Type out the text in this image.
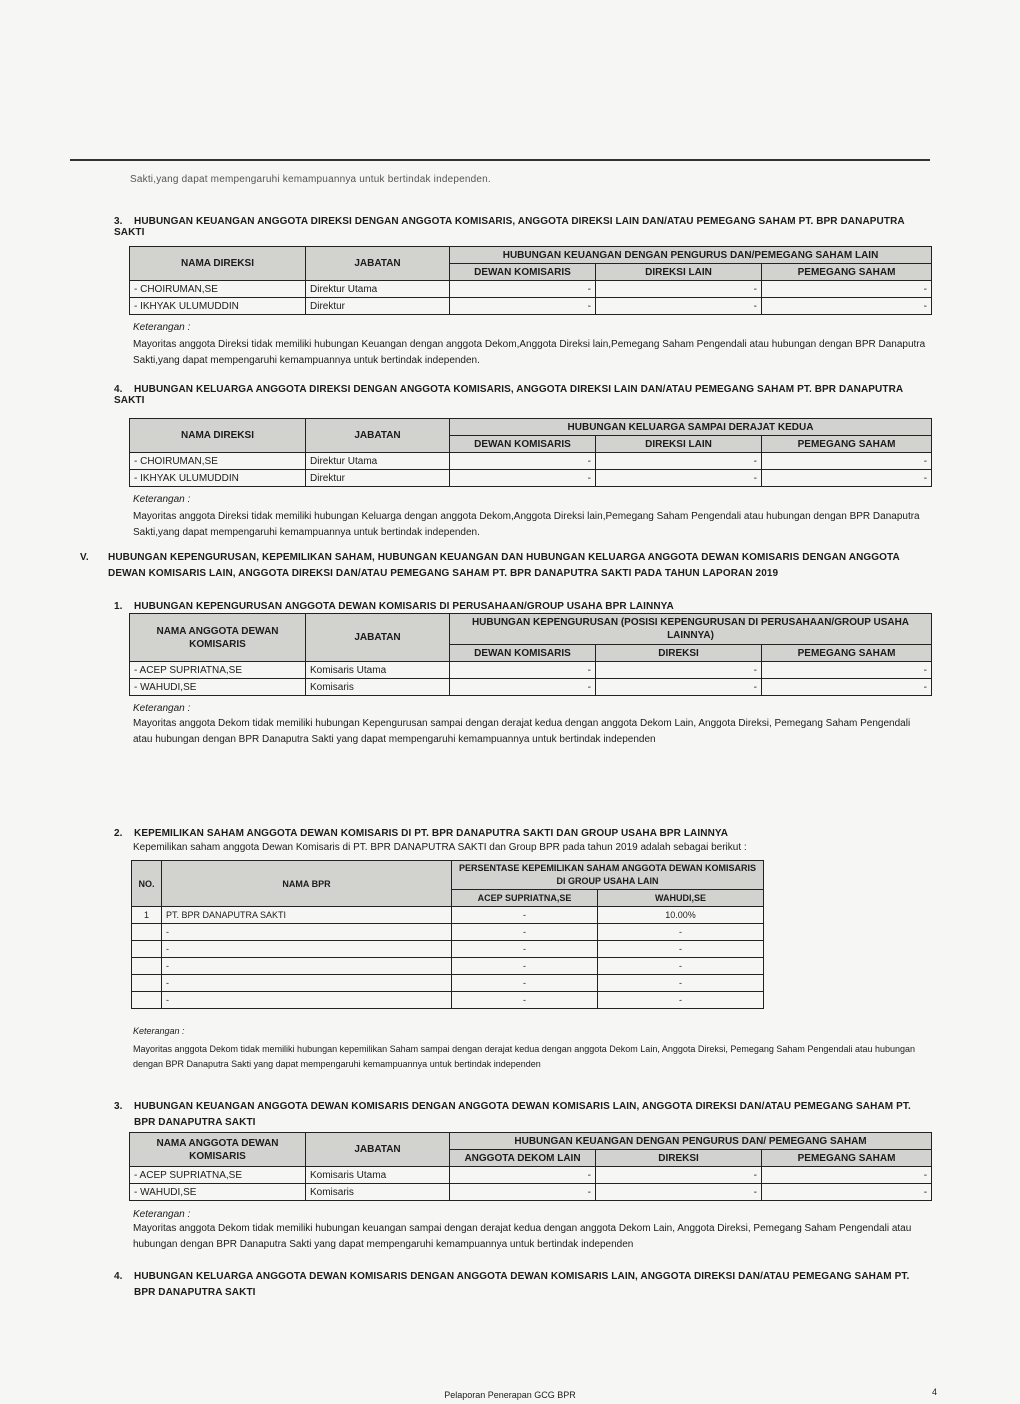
Sakti,yang dapat mempengaruhi kemampuannya untuk bertindak independen.
3. HUBUNGAN KEUANGAN ANGGOTA DIREKSI DENGAN ANGGOTA KOMISARIS, ANGGOTA DIREKSI LAIN DAN/ATAU PEMEGANG SAHAM PT. BPR DANAPUTRA SAKTI
NAMA DIREKSI	JABATAN	HUBUNGAN KEUANGAN DENGAN PENGURUS DAN/PEMEGANG SAHAM LAIN		
		DEWAN KOMISARIS	DIREKSI LAIN	PEMEGANG SAHAM
- CHOIRUMAN,SE	Direktur Utama	-	-	-
- IKHYAK ULUMUDDIN	Direktur	-	-	-
Keterangan :
Mayoritas anggota Direksi tidak memiliki hubungan Keuangan dengan anggota Dekom,Anggota Direksi lain,Pemegang Saham Pengendali atau hubungan dengan BPR Danaputra Sakti,yang dapat mempengaruhi kemampuannya untuk bertindak independen.
4. HUBUNGAN KELUARGA ANGGOTA DIREKSI DENGAN ANGGOTA KOMISARIS, ANGGOTA DIREKSI LAIN DAN/ATAU PEMEGANG SAHAM PT. BPR DANAPUTRA SAKTI
NAMA DIREKSI	JABATAN	HUBUNGAN KELUARGA SAMPAI DERAJAT KEDUA		
		DEWAN KOMISARIS	DIREKSI LAIN	PEMEGANG SAHAM
- CHOIRUMAN,SE	Direktur Utama	-	-	-
- IKHYAK ULUMUDDIN	Direktur	-	-	-
Keterangan :
Mayoritas anggota Direksi tidak memiliki hubungan Keluarga dengan anggota Dekom,Anggota Direksi lain,Pemegang Saham Pengendali atau hubungan dengan BPR Danaputra Sakti,yang dapat mempengaruhi kemampuannya untuk bertindak independen.
V. HUBUNGAN KEPENGURUSAN, KEPEMILIKAN SAHAM, HUBUNGAN KEUANGAN DAN HUBUNGAN KELUARGA ANGGOTA DEWAN KOMISARIS DENGAN ANGGOTA DEWAN KOMISARIS LAIN, ANGGOTA DIREKSI DAN/ATAU PEMEGANG SAHAM PT. BPR DANAPUTRA SAKTI PADA TAHUN LAPORAN 2019
1. HUBUNGAN KEPENGURUSAN ANGGOTA DEWAN KOMISARIS DI PERUSAHAAN/GROUP USAHA BPR LAINNYA
NAMA ANGGOTA DEWAN KOMISARIS	JABATAN	HUBUNGAN KEPENGURUSAN (POSISI KEPENGURUSAN DI PERUSAHAAN/GROUP USAHA LAINNYA)		
		DEWAN KOMISARIS	DIREKSI	PEMEGANG SAHAM
- ACEP SUPRIATNA,SE	Komisaris Utama	-	-	-
- WAHUDI,SE	Komisaris	-	-	-
Keterangan :
Mayoritas anggota Dekom tidak memiliki hubungan Kepengurusan sampai dengan derajat kedua dengan anggota Dekom Lain, Anggota Direksi, Pemegang Saham Pengendali atau hubungan dengan BPR Danaputra Sakti yang dapat mempengaruhi kemampuannya untuk bertindak independen
2. KEPEMILIKAN SAHAM ANGGOTA DEWAN KOMISARIS DI PT. BPR DANAPUTRA SAKTI DAN GROUP USAHA BPR LAINNYA
Kepemilikan saham anggota Dewan Komisaris di PT. BPR DANAPUTRA SAKTI dan Group BPR pada tahun 2019 adalah sebagai berikut :
NO.	NAMA BPR	PERSENTASE KEPEMILIKAN SAHAM ANGGOTA DEWAN KOMISARIS DI GROUP USAHA LAIN	
		ACEP SUPRIATNA,SE	WAHUDI,SE
1	PT. BPR DANAPUTRA SAKTI	-	10.00%
	-	-	-
	-	-	-
	-	-	-
	-	-	-
	-	-	-
Keterangan :
Mayoritas anggota Dekom tidak memiliki hubungan kepemilikan Saham sampai dengan derajat kedua dengan anggota Dekom Lain, Anggota Direksi, Pemegang Saham Pengendali atau hubungan dengan BPR Danaputra Sakti yang dapat mempengaruhi kemampuannya untuk bertindak independen
3. HUBUNGAN KEUANGAN ANGGOTA DEWAN KOMISARIS DENGAN ANGGOTA DEWAN KOMISARIS LAIN, ANGGOTA DIREKSI DAN/ATAU PEMEGANG SAHAM PT. BPR DANAPUTRA SAKTI
NAMA ANGGOTA DEWAN KOMISARIS	JABATAN	HUBUNGAN KEUANGAN DENGAN PENGURUS DAN/ PEMEGANG SAHAM		
		ANGGOTA DEKOM LAIN	DIREKSI	PEMEGANG SAHAM
- ACEP SUPRIATNA,SE	Komisaris Utama	-	-	-
- WAHUDI,SE	Komisaris	-	-	-
Keterangan :
Mayoritas anggota Dekom tidak memiliki hubungan keuangan sampai dengan derajat kedua dengan anggota Dekom Lain, Anggota Direksi, Pemegang Saham Pengendali atau hubungan dengan BPR Danaputra Sakti yang dapat mempengaruhi kemampuannya untuk bertindak independen
4. HUBUNGAN KELUARGA ANGGOTA DEWAN KOMISARIS DENGAN ANGGOTA DEWAN KOMISARIS LAIN, ANGGOTA DIREKSI DAN/ATAU PEMEGANG SAHAM PT. BPR DANAPUTRA SAKTI
Pelaporan Penerapan GCG BPR	4
